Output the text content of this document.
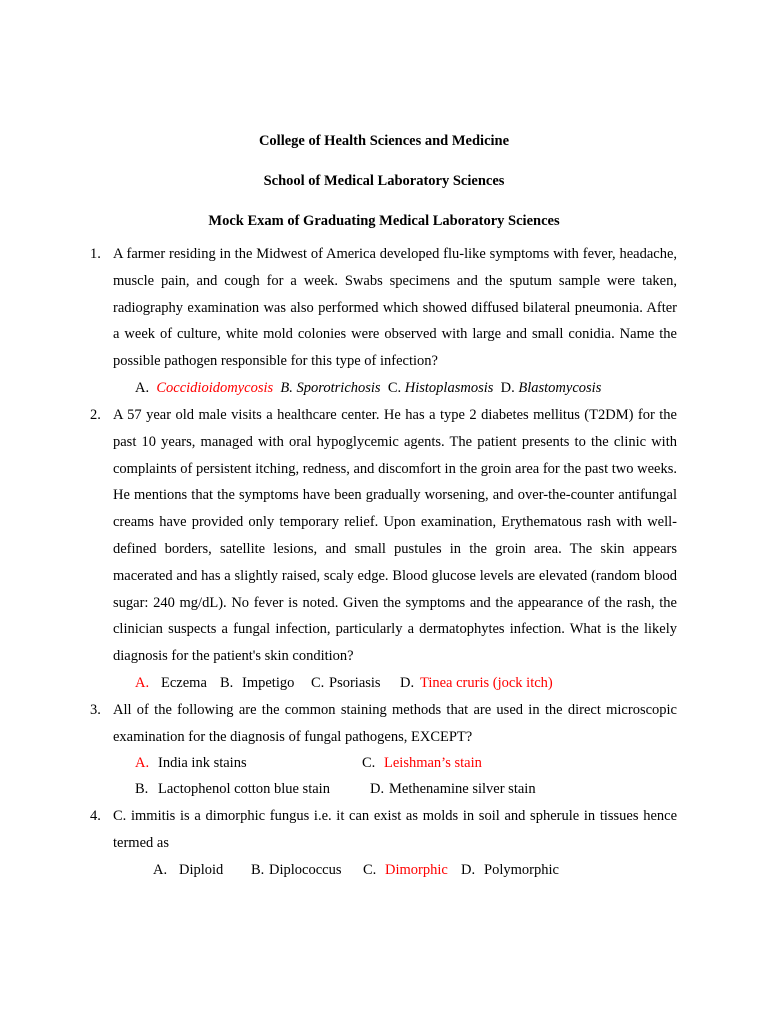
College of Health Sciences and Medicine
School of Medical Laboratory Sciences
Mock Exam of Graduating Medical Laboratory Sciences
1. A farmer residing in the Midwest of America developed flu-like symptoms with fever, headache, muscle pain, and cough for a week. Swabs specimens and the sputum sample were taken, radiography examination was also performed which showed diffused bilateral pneumonia. After a week of culture, white mold colonies were observed with large and small conidia. Name the possible pathogen responsible for this type of infection?
A. Coccidioidomycosis B. Sporotrichosis C. Histoplasmosis D. Blastomycosis
2. A 57 year old male visits a healthcare center. He has a type 2 diabetes mellitus (T2DM) for the past 10 years, managed with oral hypoglycemic agents. The patient presents to the clinic with complaints of persistent itching, redness, and discomfort in the groin area for the past two weeks. He mentions that the symptoms have been gradually worsening, and over-the-counter antifungal creams have provided only temporary relief. Upon examination, Erythematous rash with well-defined borders, satellite lesions, and small pustules in the groin area. The skin appears macerated and has a slightly raised, scaly edge. Blood glucose levels are elevated (random blood sugar: 240 mg/dL). No fever is noted. Given the symptoms and the appearance of the rash, the clinician suspects a fungal infection, particularly a dermatophytes infection. What is the likely diagnosis for the patient's skin condition?
A. Eczema B. Impetigo C. Psoriasis D. Tinea cruris (jock itch)
3. All of the following are the common staining methods that are used in the direct microscopic examination for the diagnosis of fungal pathogens, EXCEPT?
A. India ink stains	C. Leishman’s stain
B. Lactophenol cotton blue stain	D. Methenamine silver stain
4. C. immitis is a dimorphic fungus i.e. it can exist as molds in soil and spherule in tissues hence termed as
A. Diploid B. Diplococcus C. Dimorphic D. Polymorphic
